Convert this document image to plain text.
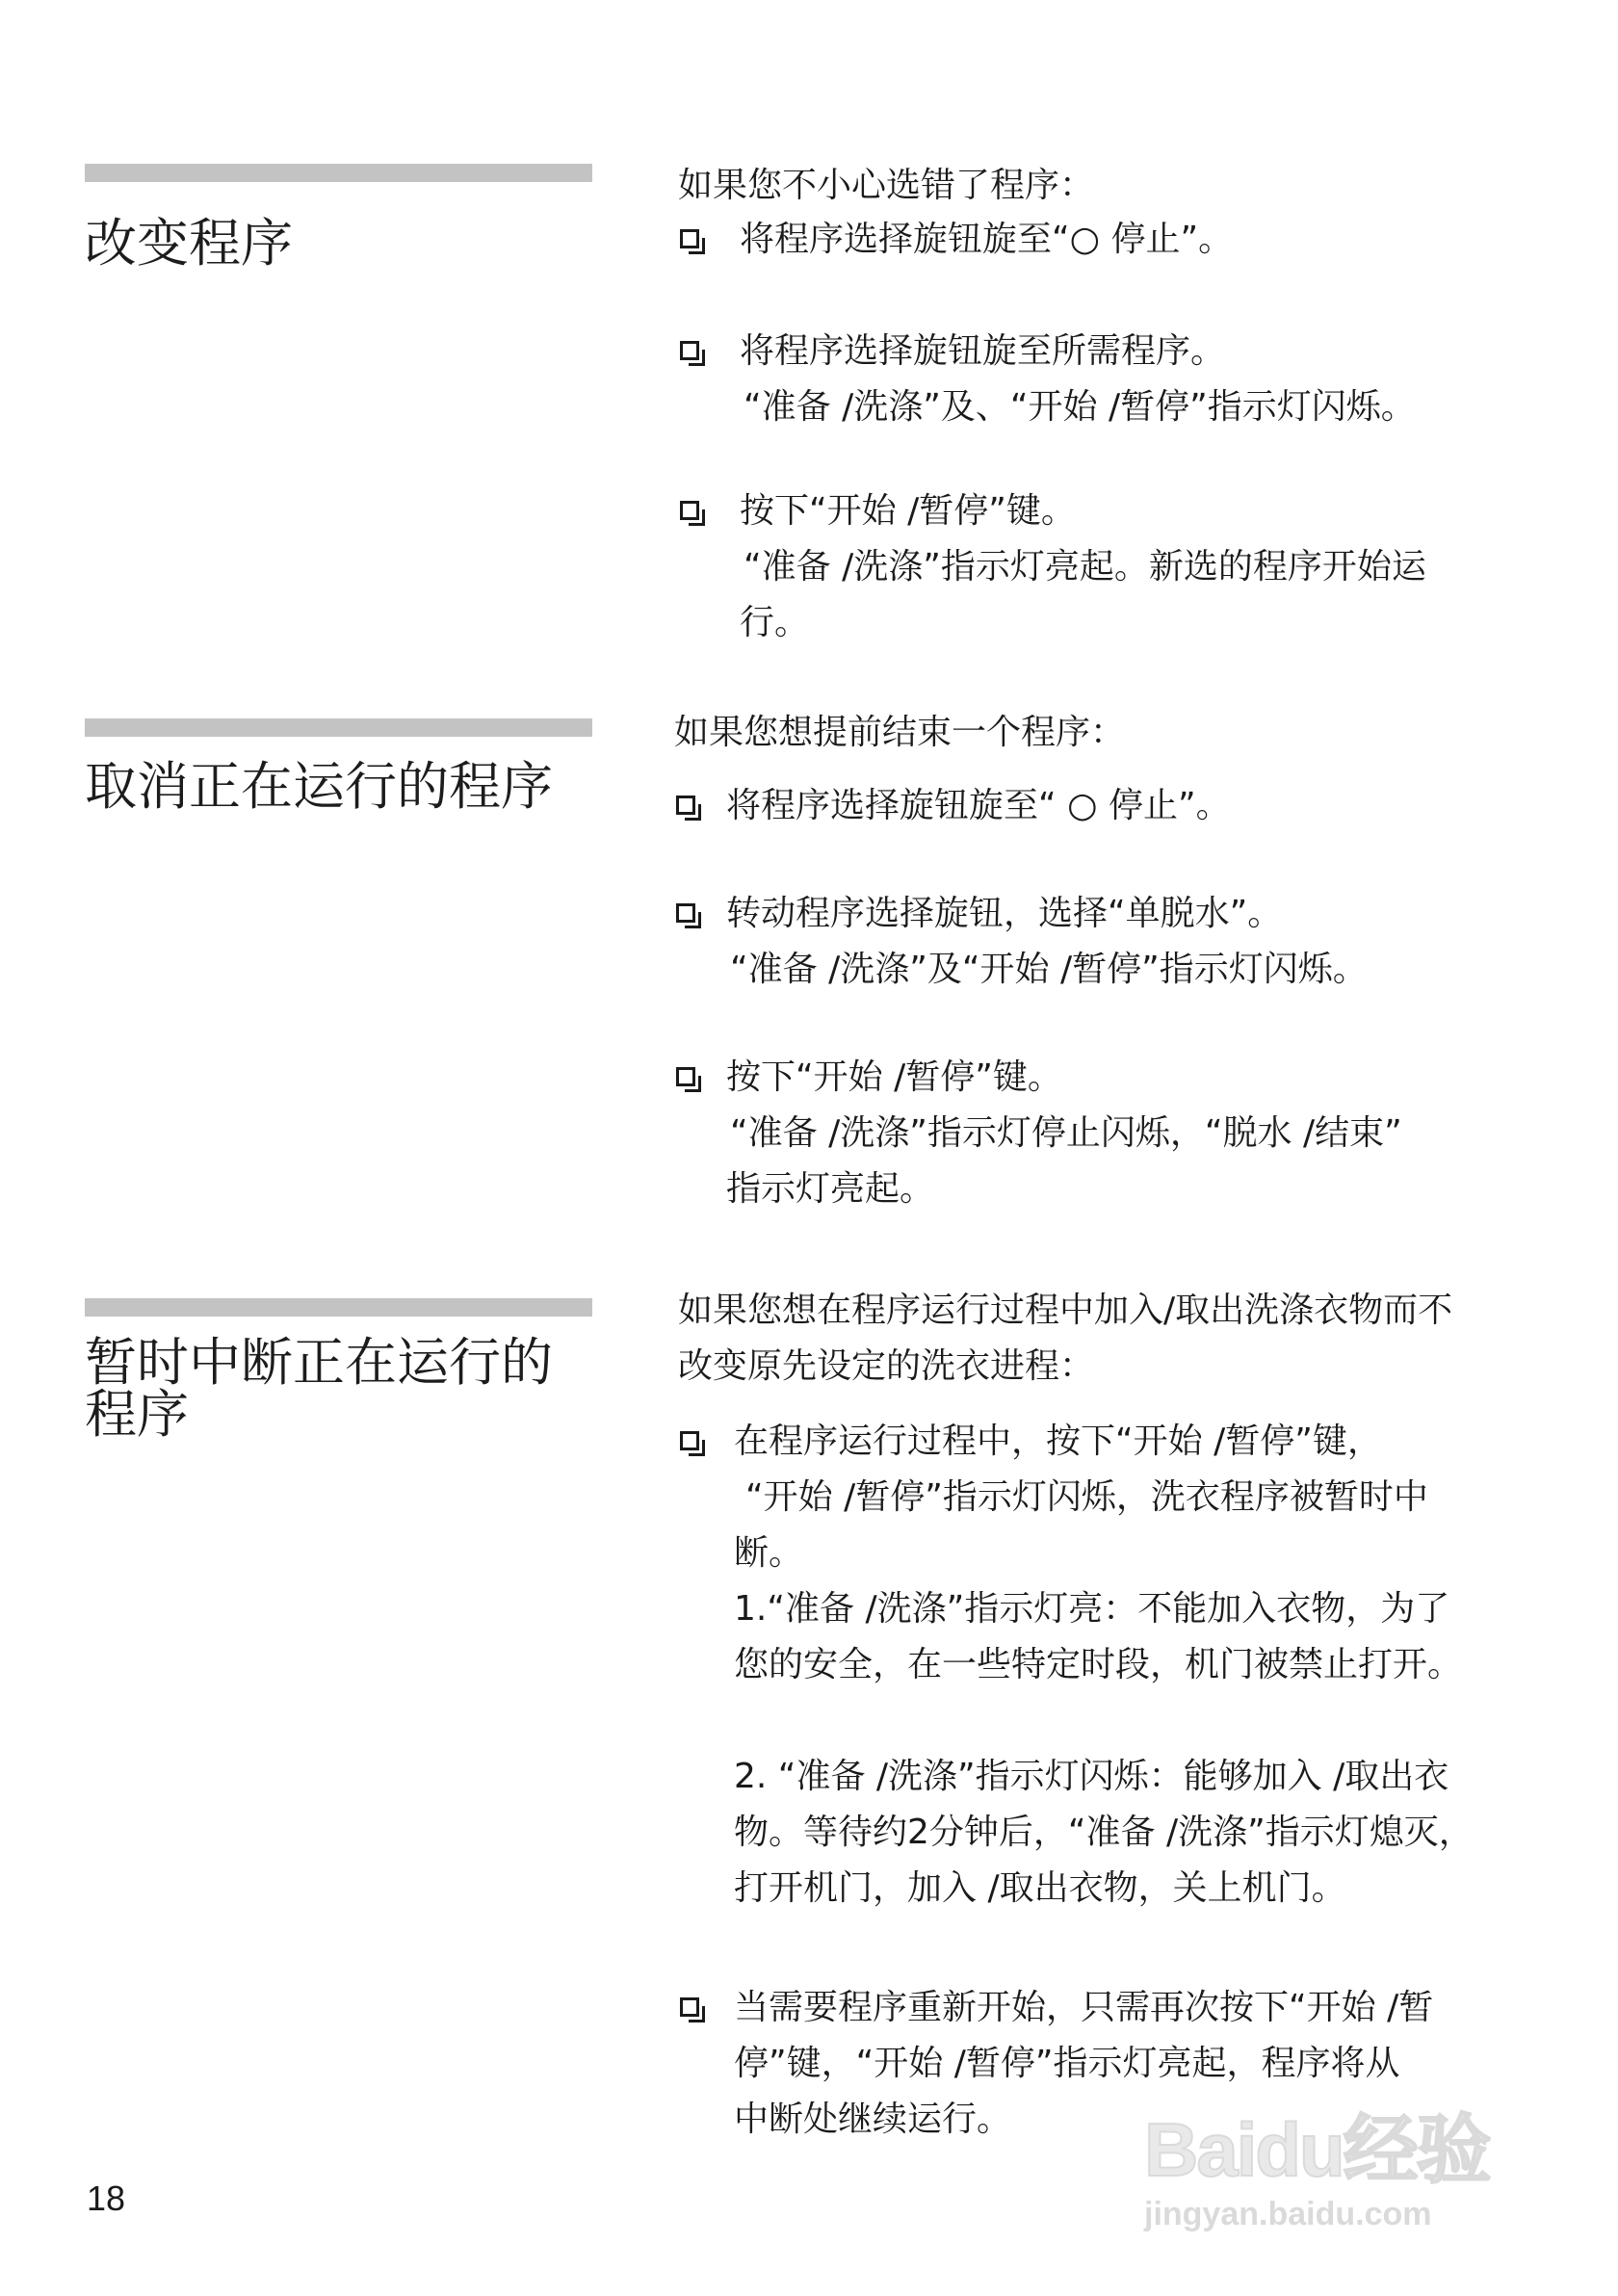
改变程序
如果您不小心选错了程序：
将程序选择旋钮旋至“○ 停止”。
将程序选择旋钮旋至所需程序。
“准备 /洗涤”及、“开始 /暂停”指示灯闪烁。
按下“开始 /暂停”键。
“准备 /洗涤”指示灯亮起。新选的程序开始运
行。
取消正在运行的程序
如果您想提前结束一个程序：
将程序选择旋钮旋至“ ○ 停止”。
转动程序选择旋钮，选择“单脱水”。
“准备 /洗涤”及“开始 /暂停”指示灯闪烁。
按下“开始 /暂停”键。
“准备 /洗涤”指示灯停止闪烁，“脱水 /结束”
指示灯亮起。
暂时中断正在运行的
程序
如果您想在程序运行过程中加入/取出洗涤衣物而不
改变原先设定的洗衣进程：
在程序运行过程中，按下“开始 /暂停”键，
“开始 /暂停”指示灯闪烁，洗衣程序被暂时中
断。
1.“准备 /洗涤”指示灯亮：不能加入衣物，为了
您的安全，在一些特定时段，机门被禁止打开。
2. “准备 /洗涤”指示灯闪烁：能够加入 /取出衣
物。等待约2分钟后，“准备 /洗涤”指示灯熄灭，
打开机门，加入 /取出衣物，关上机门。
当需要程序重新开始，只需再次按下“开始 /暂
停”键，“开始 /暂停”指示灯亮起，程序将从
中断处继续运行。
18
Baidu经验
jingyan.baidu.com
